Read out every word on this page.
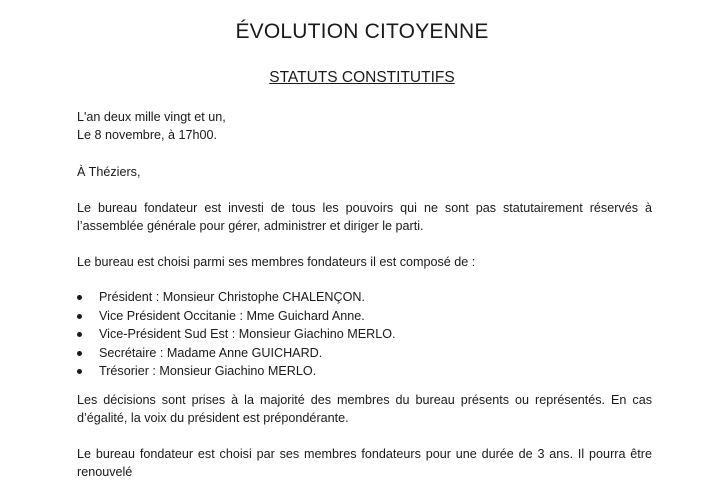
ÉVOLUTION CITOYENNE
STATUTS CONSTITUTIFS

L'an deux mille vingt et un,

Le 8 novembre, à 17h00.

À Théziers,

Le bureau fondateur est investi de tous les pouvoirs qui ne sont pas statutairement réservés à l’assemblée générale pour gérer, administrer et diriger le parti.

Le bureau est choisi parmi ses membres fondateurs il est composé de :

Président : Monsieur Christophe CHALENÇON.
Vice Président Occitanie : Mme Guichard Anne.
Vice-Président Sud Est : Monsieur Giachino MERLO.
Secrétaire : Madame Anne GUICHARD.
Trésorier : Monsieur Giachino MERLO.

Les décisions sont prises à la majorité des membres du bureau présents ou représentés. En cas d’égalité, la voix du président est prépondérante.

Le bureau fondateur est choisi par ses membres fondateurs pour une durée de 3 ans. Il pourra être renouvelé
